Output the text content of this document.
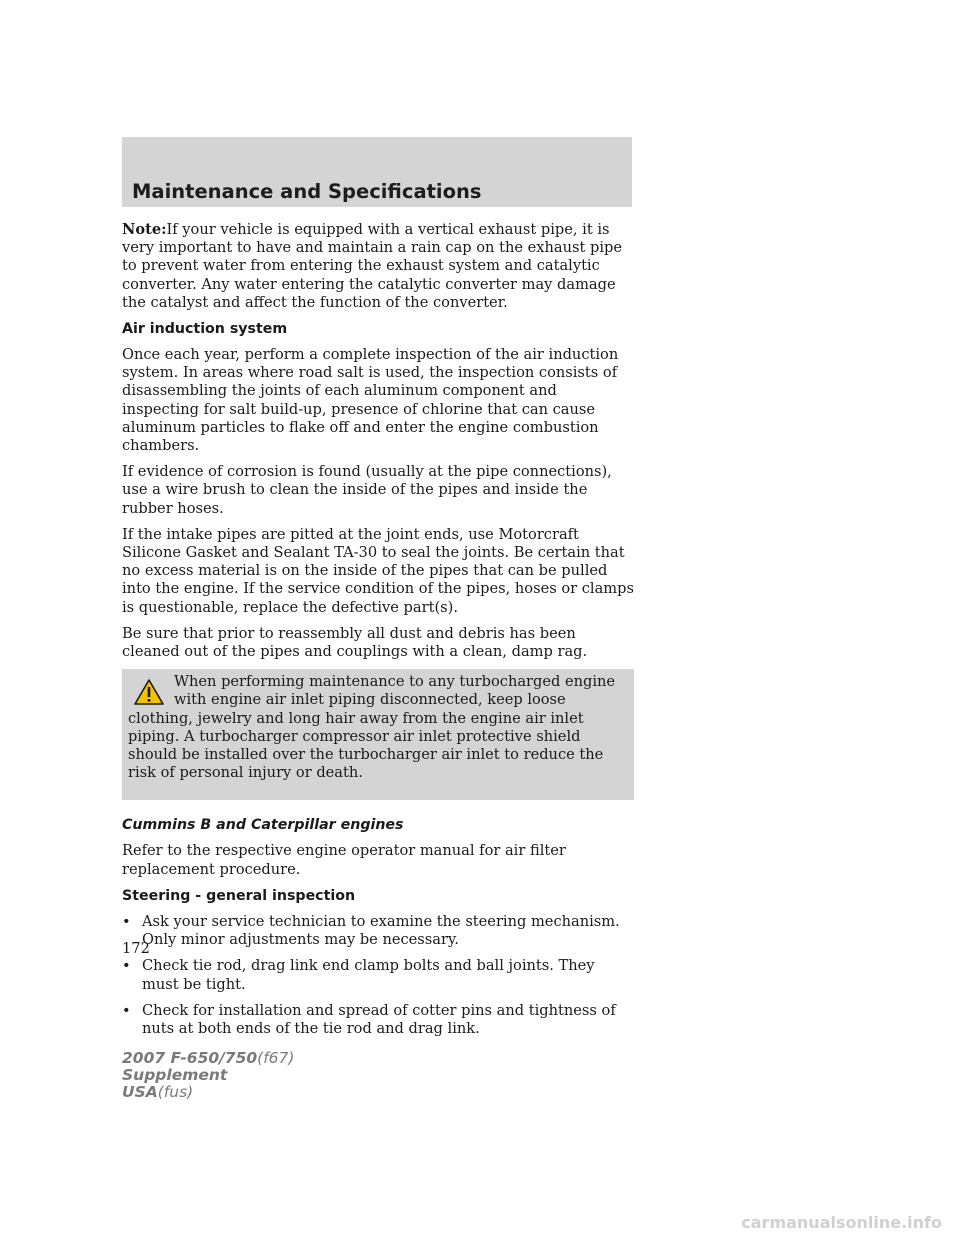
Maintenance and Specifications

Note:If your vehicle is equipped with a vertical exhaust pipe, it is very important to have and maintain a rain cap on the exhaust pipe to prevent water from entering the exhaust system and catalytic converter. Any water entering the catalytic converter may damage the catalyst and affect the function of the converter.

Air induction system

Once each year, perform a complete inspection of the air induction system. In areas where road salt is used, the inspection consists of disassembling the joints of each aluminum component and inspecting for salt build-up, presence of chlorine that can cause aluminum particles to flake off and enter the engine combustion chambers.

If evidence of corrosion is found (usually at the pipe connections), use a wire brush to clean the inside of the pipes and inside the rubber hoses.

If the intake pipes are pitted at the joint ends, use Motorcraft Silicone Gasket and Sealant TA-30 to seal the joints. Be certain that no excess material is on the inside of the pipes that can be pulled into the engine. If the service condition of the pipes, hoses or clamps is questionable, replace the defective part(s).

Be sure that prior to reassembly all dust and debris has been cleaned out of the pipes and couplings with a clean, damp rag.

When performing maintenance to any turbocharged engine with engine air inlet piping disconnected, keep loose clothing, jewelry and long hair away from the engine air inlet piping. A turbocharger compressor air inlet protective shield should be installed over the turbocharger air inlet to reduce the risk of personal injury or death.

Cummins B and Caterpillar engines

Refer to the respective engine operator manual for air filter replacement procedure.

Steering - general inspection
• Ask your service technician to examine the steering mechanism. Only minor adjustments may be necessary.
• Check tie rod, drag link end clamp bolts and ball joints. They must be tight.
• Check for installation and spread of cotter pins and tightness of nuts at both ends of the tie rod and drag link.
172
2007 F-650/750(f67)
Supplement
USA(fus)
carmanualsonline.info
